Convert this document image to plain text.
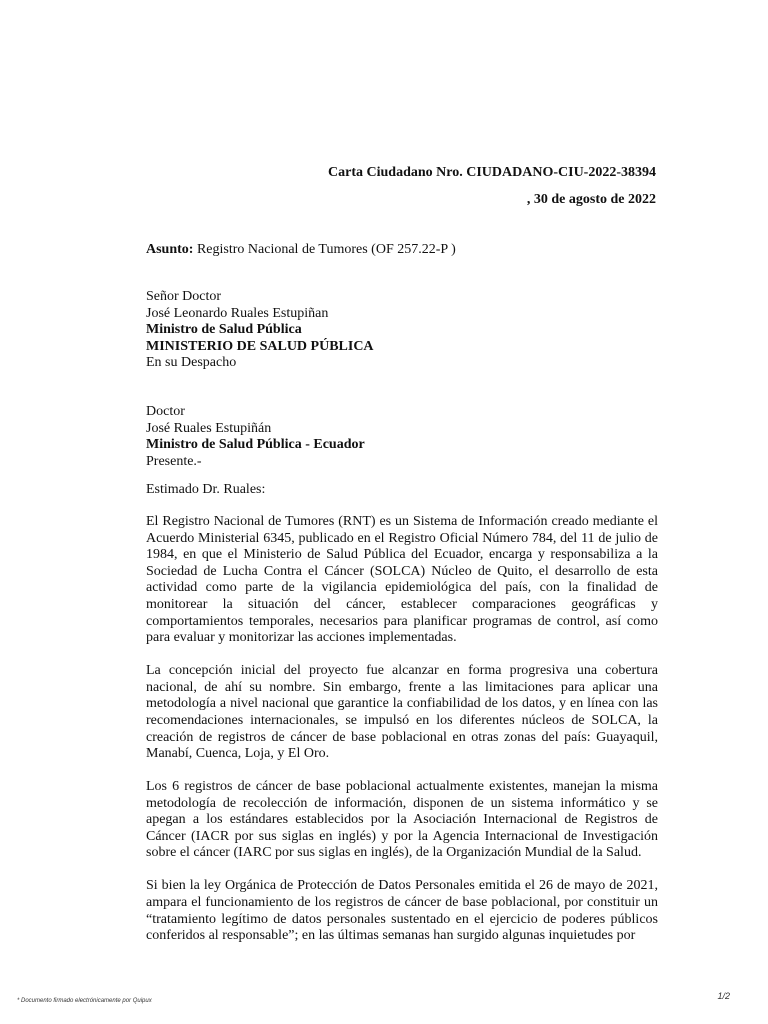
Carta Ciudadano Nro. CIUDADANO-CIU-2022-38394
, 30 de agosto de 2022
Asunto: Registro Nacional de Tumores (OF 257.22-P )
Señor Doctor
José Leonardo Ruales Estupiñan
Ministro de Salud Pública
MINISTERIO DE SALUD PÚBLICA
En su Despacho
Doctor
José Ruales Estupiñán
Ministro de Salud Pública - Ecuador
Presente.-
Estimado Dr. Ruales:

El Registro Nacional de Tumores (RNT) es un Sistema de Información creado mediante el Acuerdo Ministerial 6345, publicado en el Registro Oficial Número 784, del 11 de julio de 1984, en que el Ministerio de Salud Pública del Ecuador, encarga y responsabiliza a la Sociedad de Lucha Contra el Cáncer (SOLCA) Núcleo de Quito, el desarrollo de esta actividad como parte de la vigilancia epidemiológica del país, con la finalidad de monitorear la situación del cáncer, establecer comparaciones geográficas y comportamientos temporales, necesarios para planificar programas de control, así como para evaluar y monitorizar las acciones implementadas.

La concepción inicial del proyecto fue alcanzar en forma progresiva una cobertura nacional, de ahí su nombre. Sin embargo, frente a las limitaciones para aplicar una metodología a nivel nacional que garantice la confiabilidad de los datos, y en línea con las recomendaciones internacionales, se impulsó en los diferentes núcleos de SOLCA, la creación de registros de cáncer de base poblacional en otras zonas del país: Guayaquil, Manabí, Cuenca, Loja, y El Oro.

Los 6 registros de cáncer de base poblacional actualmente existentes, manejan la misma metodología de recolección de información, disponen de un sistema informático y se apegan a los estándares establecidos por la Asociación Internacional de Registros de Cáncer (IACR por sus siglas en inglés) y por la Agencia Internacional de Investigación sobre el cáncer (IARC por sus siglas en inglés), de la Organización Mundial de la Salud.

Si bien la ley Orgánica de Protección de Datos Personales emitida el 26 de mayo de 2021, ampara el funcionamiento de los registros de cáncer de base poblacional, por constituir un “tratamiento legítimo de datos personales sustentado en el ejercicio de poderes públicos conferidos al responsable”; en las últimas semanas han surgido algunas inquietudes por

* Documento firmado electrónicamente por Quipux	1/2
